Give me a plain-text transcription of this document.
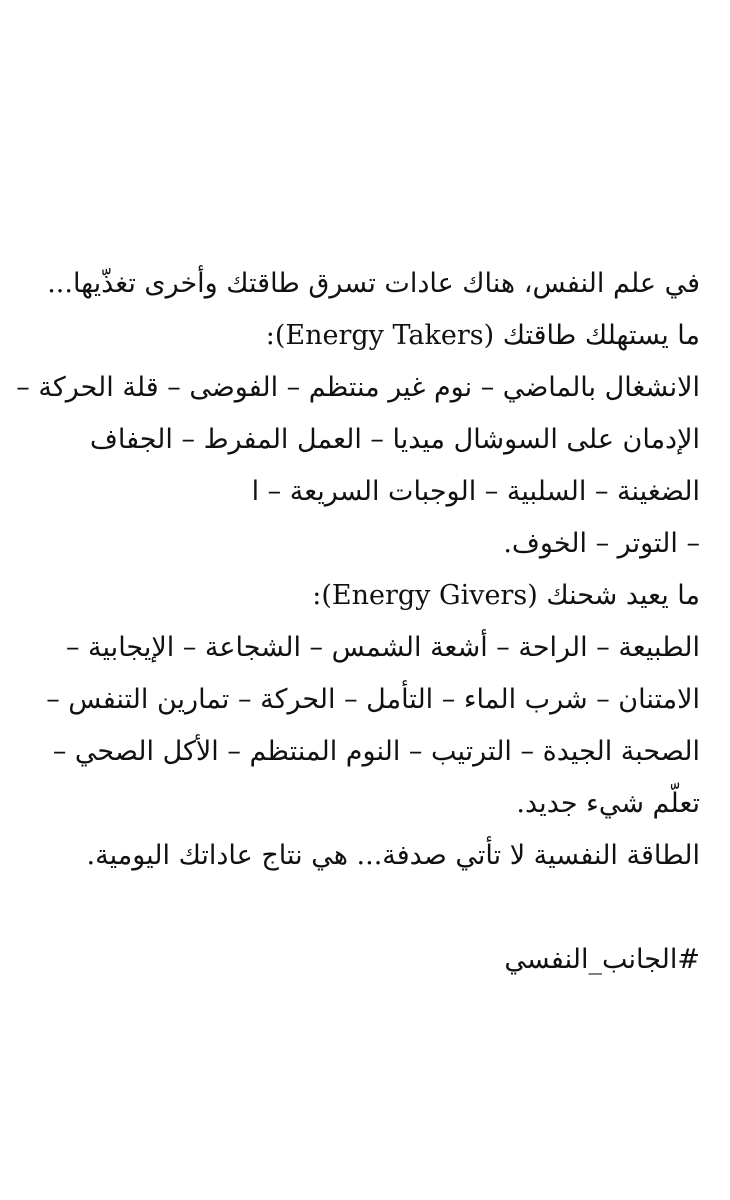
في علم النفس، هناك عادات تسرق طاقتك وأخرى تغذّيها...
ما يستهلك طاقتك (Energy Takers):
الانشغال بالماضي – نوم غير منتظم – الفوضى – قلة الحركة –
الإدمان على السوشال ميديا – العمل المفرط – الجفاف
الضغينة – السلبية – الوجبات السريعة – ا
– التوتر – الخوف.
ما يعيد شحنك (Energy Givers):
الطبيعة – الراحة – أشعة الشمس – الشجاعة – الإيجابية –
الامتنان – شرب الماء – التأمل – الحركة – تمارين التنفس –
الصحبة الجيدة – الترتيب – النوم المنتظم – الأكل الصحي –
تعلّم شيء جديد.
الطاقة النفسية لا تأتي صدفة... هي نتاج عاداتك اليومية.
#الجانب_النفسي
